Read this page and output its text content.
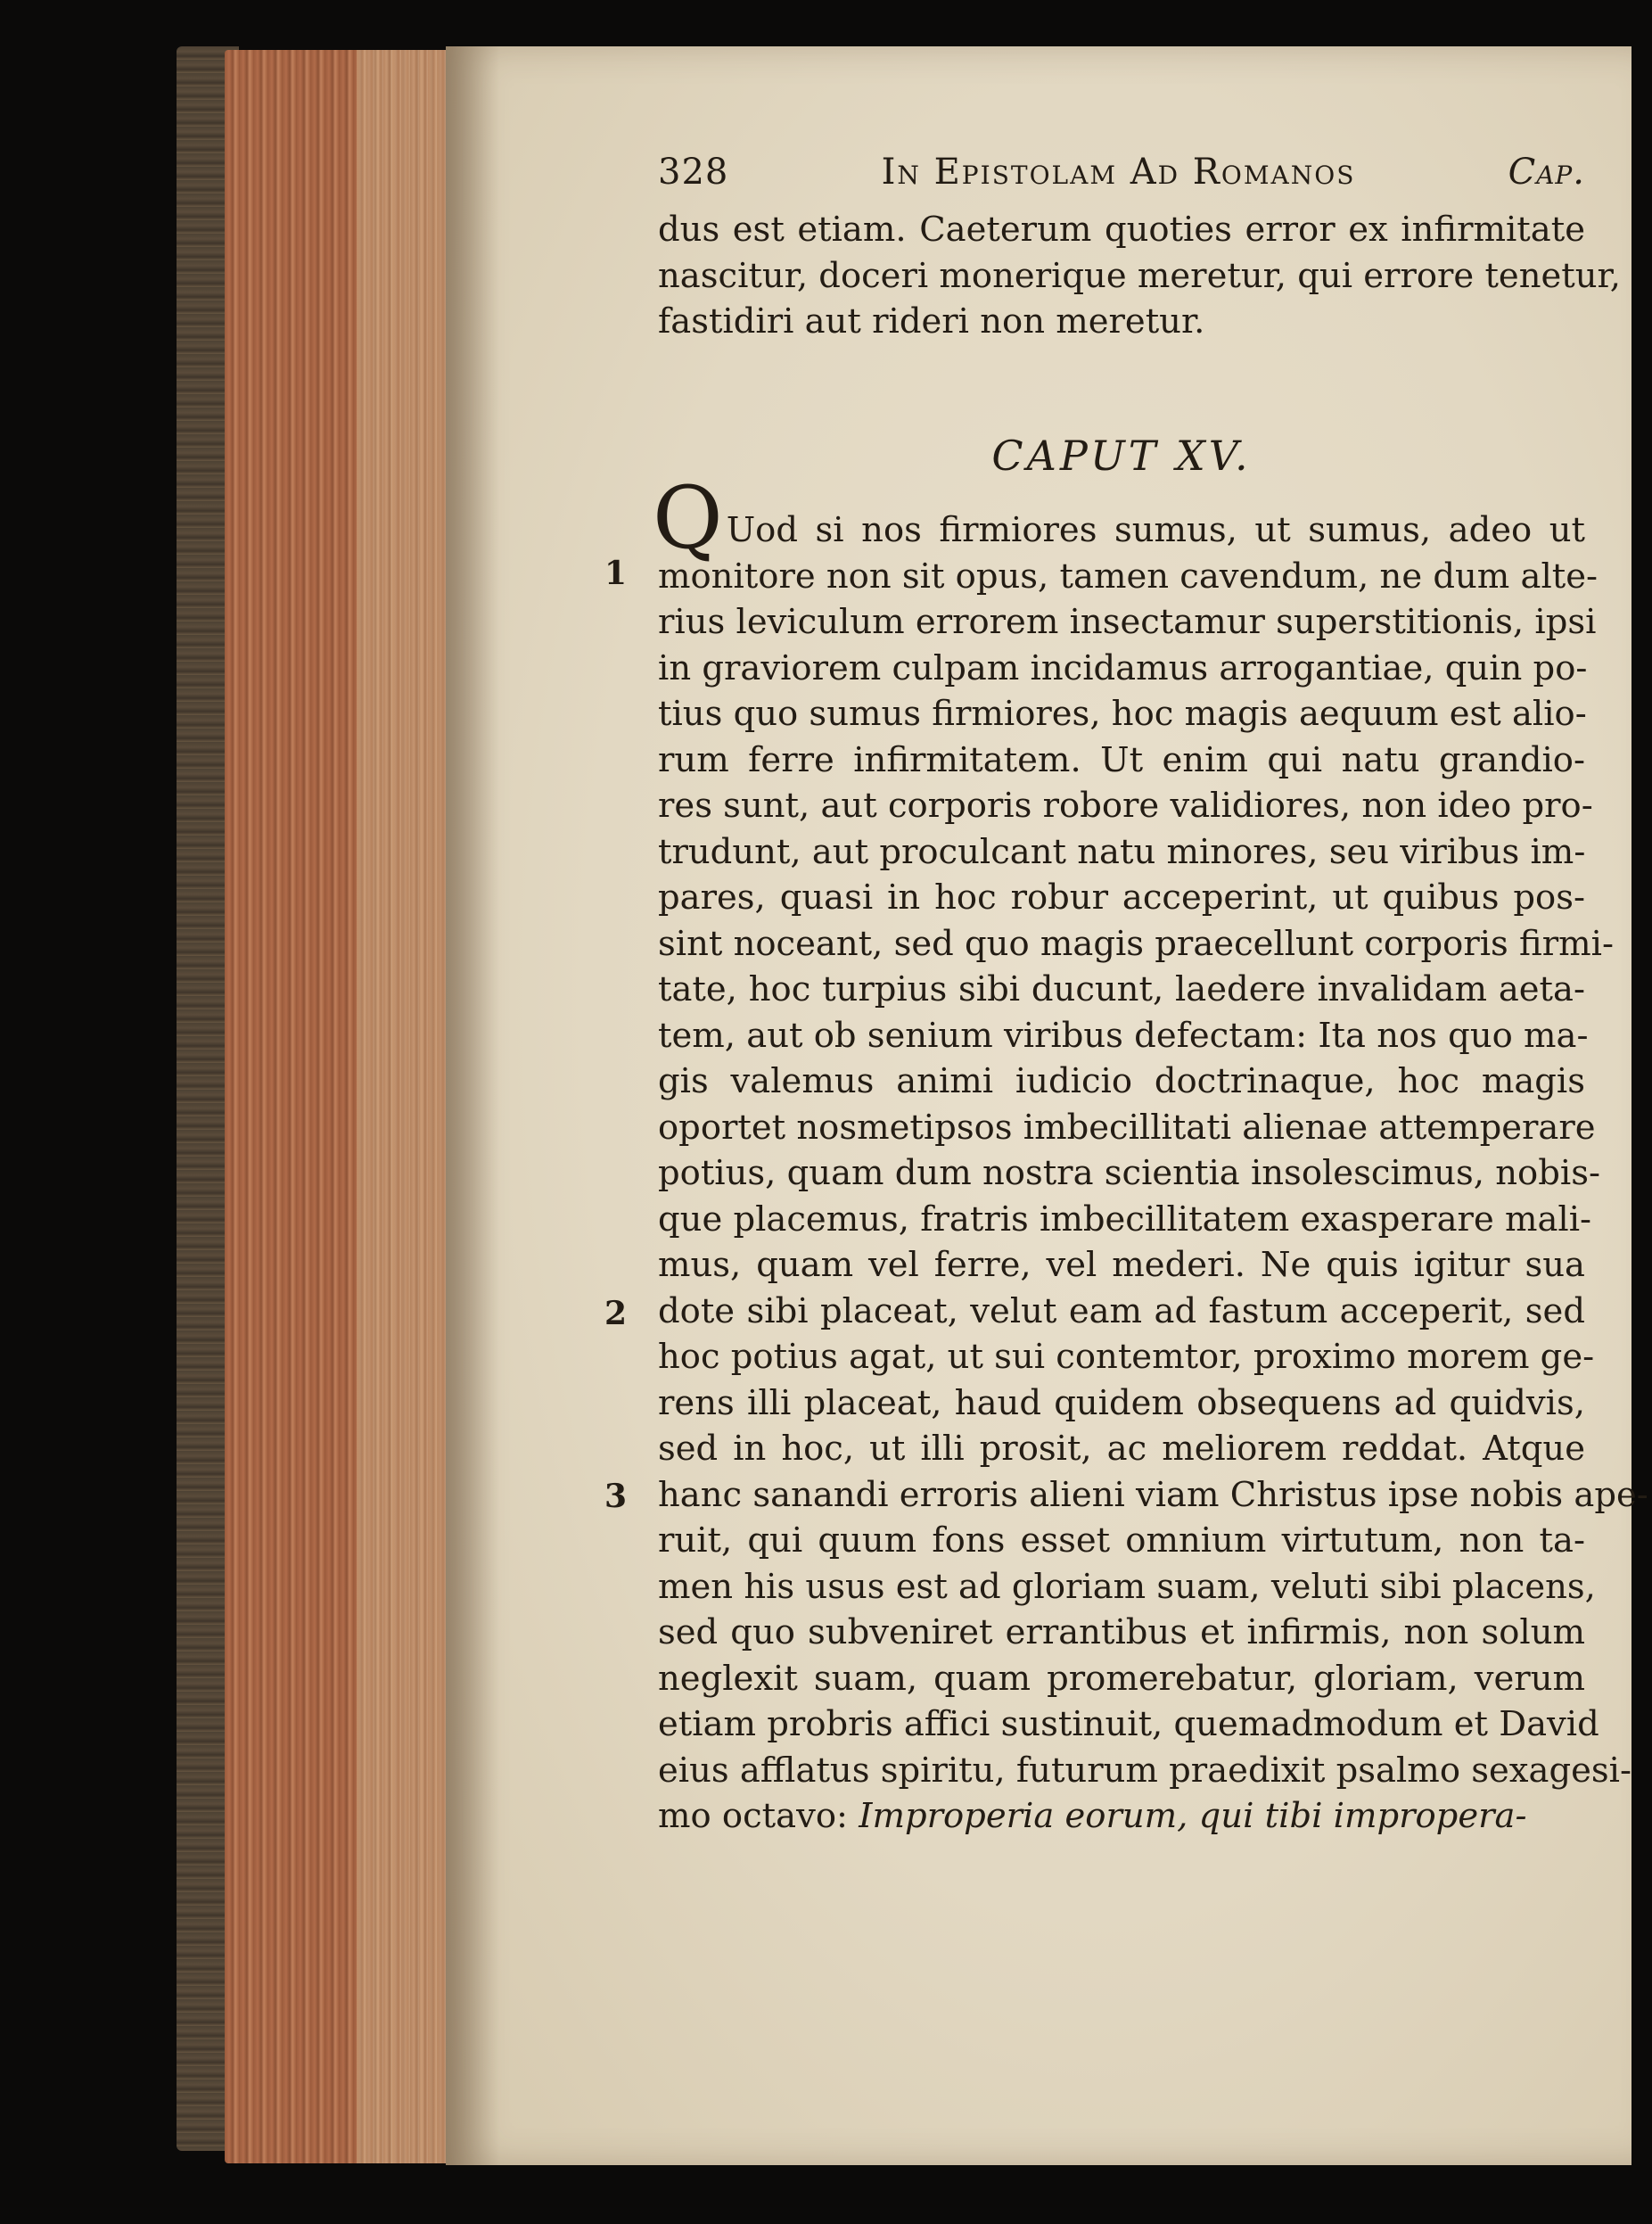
1
2
3
328	In Epistolam Ad Romanos	Cap.
dus est etiam. Caeterum quoties error ex infirmitate
nascitur, doceri monerique meretur, qui errore tenetur,
fastidiri aut rideri non meretur.
CAPUT XV.
Q Uod si nos firmiores sumus, ut sumus, adeo ut
monitore non sit opus, tamen cavendum, ne dum alte-
rius leviculum errorem insectamur superstitionis, ipsi
in graviorem culpam incidamus arrogantiae, quin po-
tius quo sumus firmiores, hoc magis aequum est alio-
rum ferre infirmitatem. Ut enim qui natu grandio-
res sunt, aut corporis robore validiores, non ideo pro-
trudunt, aut proculcant natu minores, seu viribus im-
pares, quasi in hoc robur acceperint, ut quibus pos-
sint noceant, sed quo magis praecellunt corporis firmi-
tate, hoc turpius sibi ducunt, laedere invalidam aeta-
tem, aut ob senium viribus defectam: Ita nos quo ma-
gis valemus animi iudicio doctrinaque, hoc magis
oportet nosmetipsos imbecillitati alienae attemperare
potius, quam dum nostra scientia insolescimus, nobis-
que placemus, fratris imbecillitatem exasperare mali-
mus, quam vel ferre, vel mederi. Ne quis igitur sua
dote sibi placeat, velut eam ad fastum acceperit, sed
hoc potius agat, ut sui contemtor, proximo morem ge-
rens illi placeat, haud quidem obsequens ad quidvis,
sed in hoc, ut illi prosit, ac meliorem reddat. Atque
hanc sanandi erroris alieni viam Christus ipse nobis ape-
ruit, qui quum fons esset omnium virtutum, non ta-
men his usus est ad gloriam suam, veluti sibi placens,
sed quo subveniret errantibus et infirmis, non solum
neglexit suam, quam promerebatur, gloriam, verum
etiam probris affici sustinuit, quemadmodum et David
eius afflatus spiritu, futurum praedixit psalmo sexagesi-
mo octavo: Improperia eorum, qui tibi impropera-
